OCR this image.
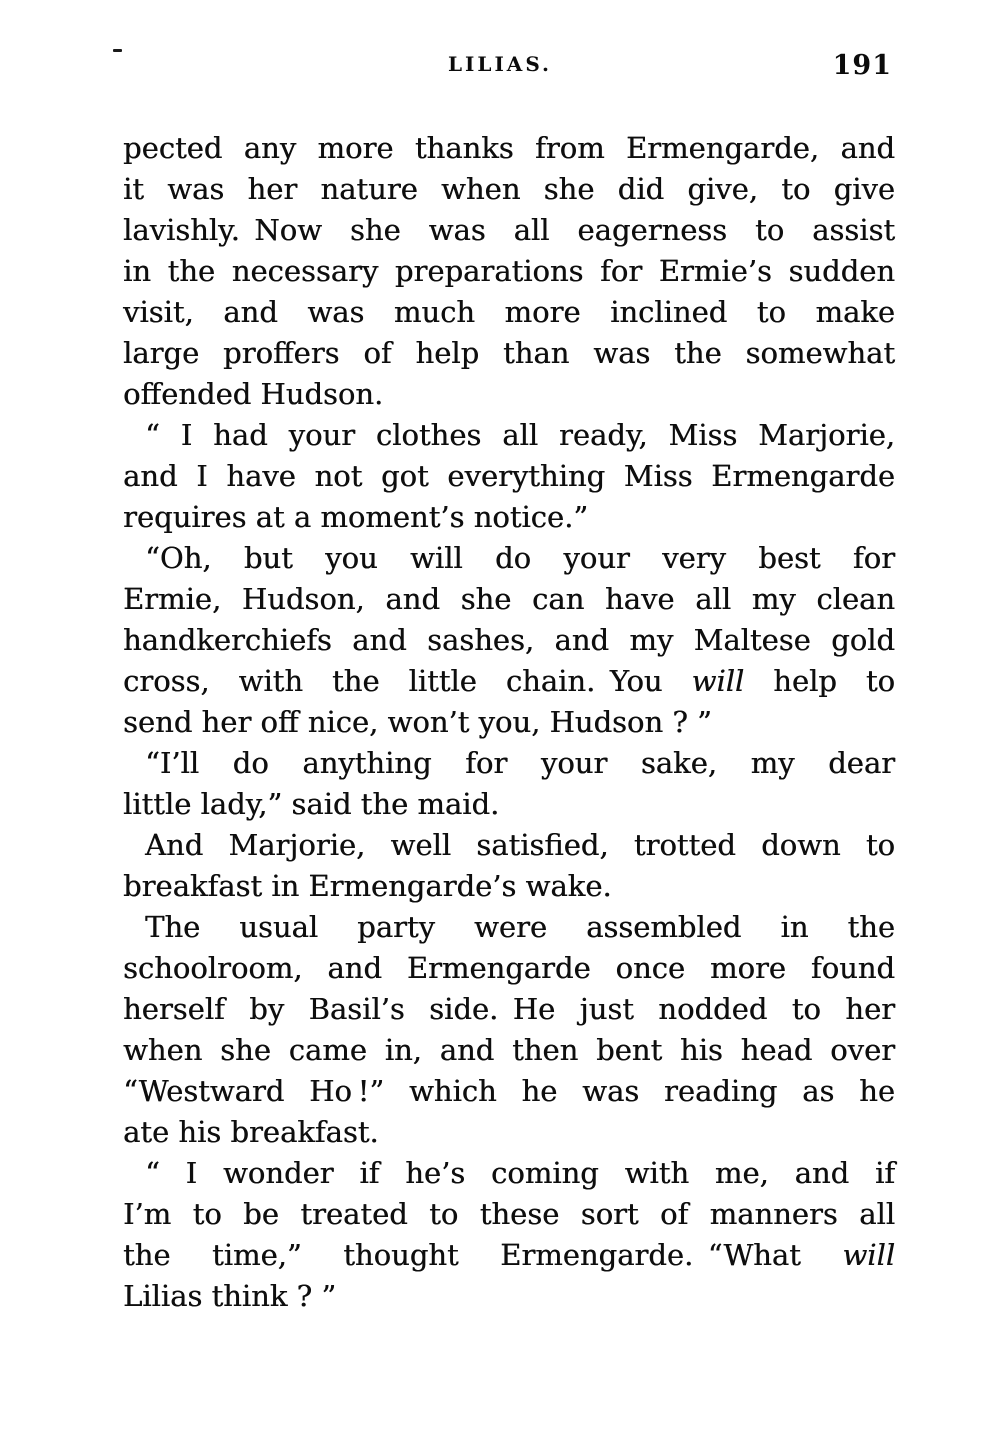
LILIAS.	191
pected any more thanks from Ermengarde, and
it was her nature when she did give, to give
lavishly. Now she was all eagerness to assist
in the necessary preparations for Ermie’s sudden
visit, and was much more inclined to make
large proffers of help than was the somewhat
offended Hudson.
“ I had your clothes all ready, Miss Marjorie,
and I have not got everything Miss Ermengarde
requires at a moment’s notice.”
“Oh, but you will do your very best for
Ermie, Hudson, and she can have all my clean
handkerchiefs and sashes, and my Maltese gold
cross, with the little chain. You will help to
send her off nice, won’t you, Hudson ? ”
“I’ll do anything for your sake, my dear
little lady,” said the maid.
And Marjorie, well satisfied, trotted down to
breakfast in Ermengarde’s wake.
The usual party were assembled in the
schoolroom, and Ermengarde once more found
herself by Basil’s side. He just nodded to her
when she came in, and then bent his head over
“Westward Ho !” which he was reading as he
ate his breakfast.
“ I wonder if he’s coming with me, and if
I’m to be treated to these sort of manners all
the time,” thought Ermengarde. “What will
Lilias think ? ”
